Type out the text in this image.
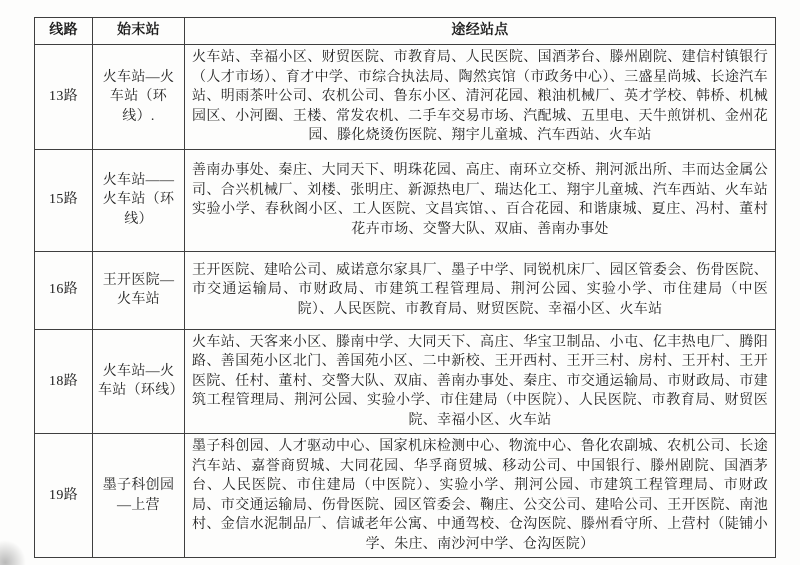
线路	始末站	途经站点
13路	火车站—火车站（环线）.	火车站、幸福小区、财贸医院、市教育局、人民医院、国酒茅台、滕州剧院、建信村镇银行（人才市场）、育才中学、市综合执法局、陶然宾馆（市政务中心）、三盛星尚城、长途汽车站、明雨茶叶公司、农机公司、鲁东小区、清河花园、粮油机械厂、英才学校、韩桥、机械园区、小河圈、王楼、常发农机、二手车交易市场、汽配城、五里电、天牛煎饼机、金州花园、滕化烧烫伤医院、翔宇儿童城、汽车西站、火车站
15路	火车站——火车站（环线）	善南办事处、秦庄、大同天下、明珠花园、高庄、南环立交桥、荆河派出所、丰而达金属公司、合兴机械厂、刘楼、张明庄、新源热电厂、瑞达化工、翔宇儿童城、汽车西站、火车站实验小学、春秋阁小区、工人医院、文昌宾馆、、百合花园、和谐康城、夏庄、冯村、董村花卉市场、交警大队、双庙、善南办事处
16路	王开医院—火车站	王开医院、建哈公司、威诺意尔家具厂、墨子中学、同锐机床厂、园区管委会、伤骨医院、市交通运输局、市财政局、市建筑工程管理局、荆河公园、实验小学、市住建局（中医院）、人民医院、市教育局、财贸医院、幸福小区、火车站
18路	火车站—火车站（环线）	火车站、天客来小区、滕南中学、大同天下、高庄、华宝卫制品、小屯、亿丰热电厂、腾阳路、善国苑小区北门、善国苑小区、二中新校、王开西村、王开三村、房村、王开村、王开医院、任村、董村、交警大队、双庙、善南办事处、秦庄、市交通运输局、市财政局、市建筑工程管理局、荆河公园、实验小学、市住建局（中医院）、人民医院、市教育局、财贸医院、幸福小区、火车站
19路	墨子科创园—上营	墨子科创园、人才驱动中心、国家机床检测中心、物流中心、鲁化农副城、农机公司、长途汽车站、嘉誉商贸城、大同花园、华孚商贸城、移动公司、中国银行、滕州剧院、国酒茅台、人民医院、市住建局（中医院）、实验小学、荆河公园、市建筑工程管理局、市财政局、市交通运输局、伤骨医院、园区管委会、鞠庄、公交公司、建哈公司、王开医院、南池村、金信水泥制品厂、信诚老年公寓、中通驾校、仓沟医院、滕州看守所、上营村（陡铺小学、朱庄、南沙河中学、仓沟医院）
